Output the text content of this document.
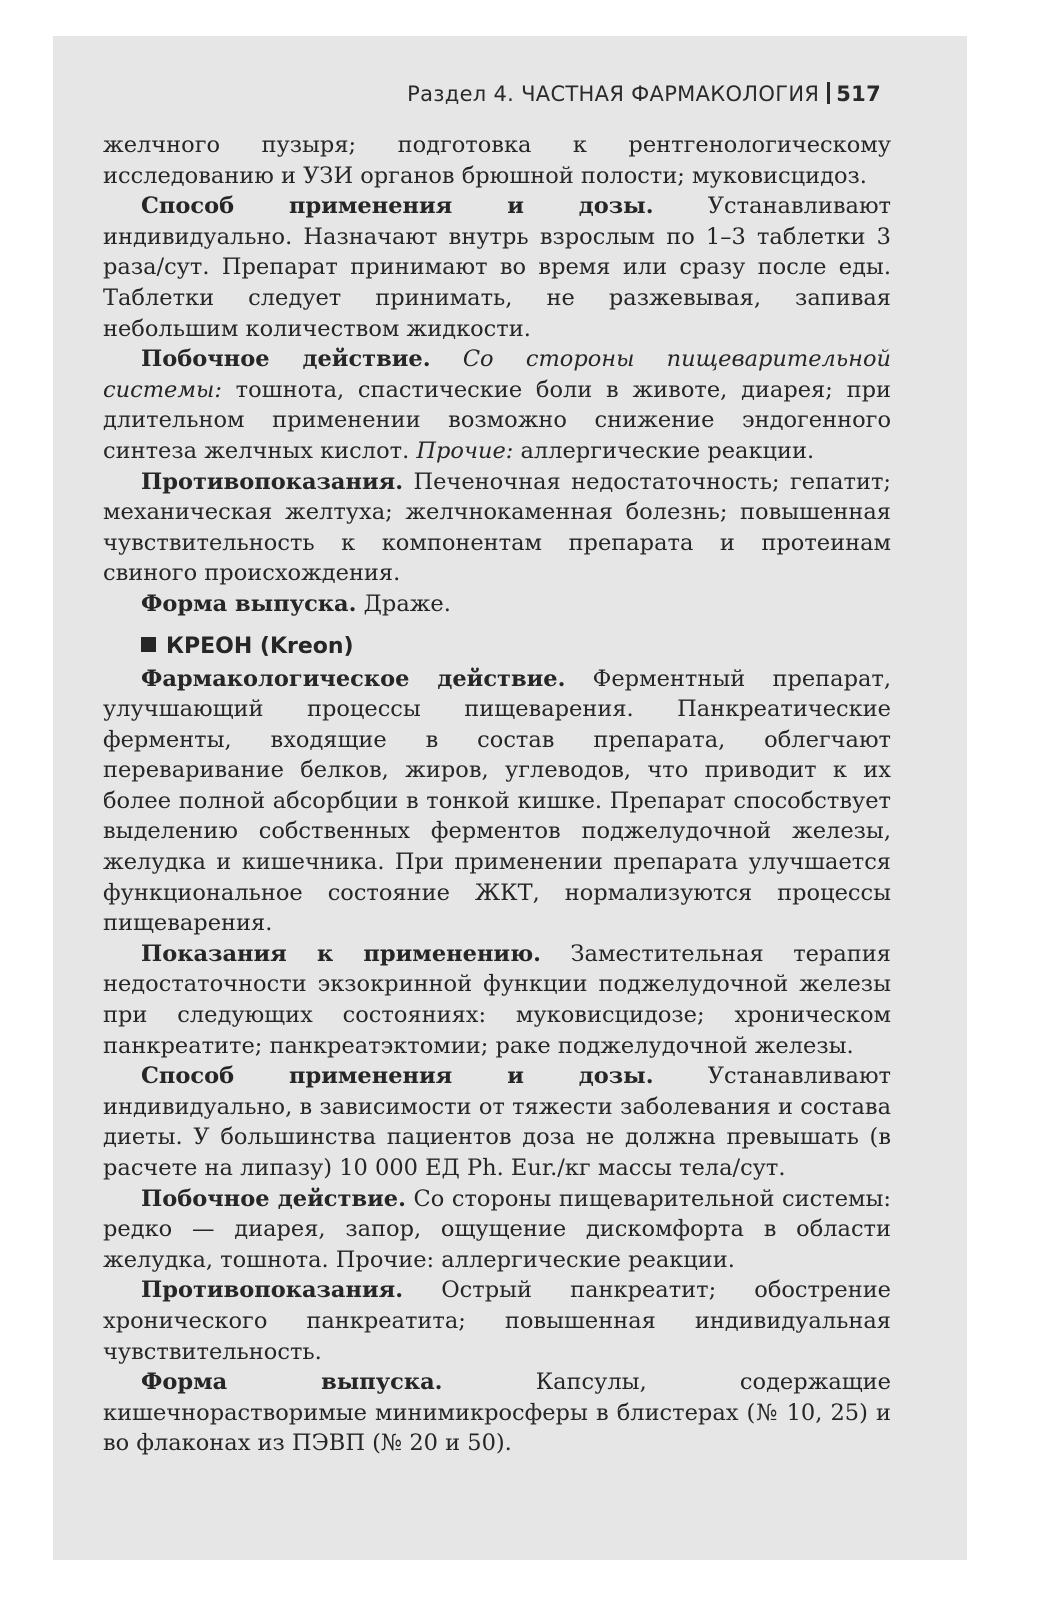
Раздел 4. ЧАСТНАЯ ФАРМАКОЛОГИЯ 517

желчного пузыря; подготовка к рентгенологическому исследованию и УЗИ органов брюшной полости; муковисцидоз.

Способ применения и дозы. Устанавливают индивидуально. Назначают внутрь взрослым по 1–3 таблетки 3 раза/сут. Препарат принимают во время или сразу после еды. Таблетки следует принимать, не разжевывая, запивая небольшим количеством жидкости.

Побочное действие. Со стороны пищеварительной системы: тошнота, спастические боли в животе, диарея; при длительном применении возможно снижение эндогенного синтеза желчных кислот. Прочие: аллергические реакции.

Противопоказания. Печеночная недостаточность; гепатит; механическая желтуха; желчнокаменная болезнь; повышенная чувствительность к компонентам препарата и протеинам свиного происхождения.

Форма выпуска. Драже.

КРЕОН (Kreon)

Фармакологическое действие. Ферментный препарат, улучшающий процессы пищеварения. Панкреатические ферменты, входящие в состав препарата, облегчают переваривание белков, жиров, углеводов, что приводит к их более полной абсорбции в тонкой кишке. Препарат способствует выделению собственных ферментов поджелудочной железы, желудка и кишечника. При применении препарата улучшается функциональное состояние ЖКТ, нормализуются процессы пищеварения.

Показания к применению. Заместительная терапия недостаточности экзокринной функции поджелудочной железы при следующих состояниях: муковисцидозе; хроническом панкреатите; панкреатэктомии; раке поджелудочной железы.

Способ применения и дозы. Устанавливают индивидуально, в зависимости от тяжести заболевания и состава диеты. У большинства пациентов доза не должна превышать (в расчете на липазу) 10 000 ЕД Ph. Eur./кг массы тела/сут.

Побочное действие. Со стороны пищеварительной системы: редко — диарея, запор, ощущение дискомфорта в области желудка, тошнота. Прочие: аллергические реакции.

Противопоказания. Острый панкреатит; обострение хронического панкреатита; повышенная индивидуальная чувствительность.

Форма выпуска. Капсулы, содержащие кишечнорастворимые минимикросферы в блистерах (№ 10, 25) и во флаконах из ПЭВП (№ 20 и 50).
